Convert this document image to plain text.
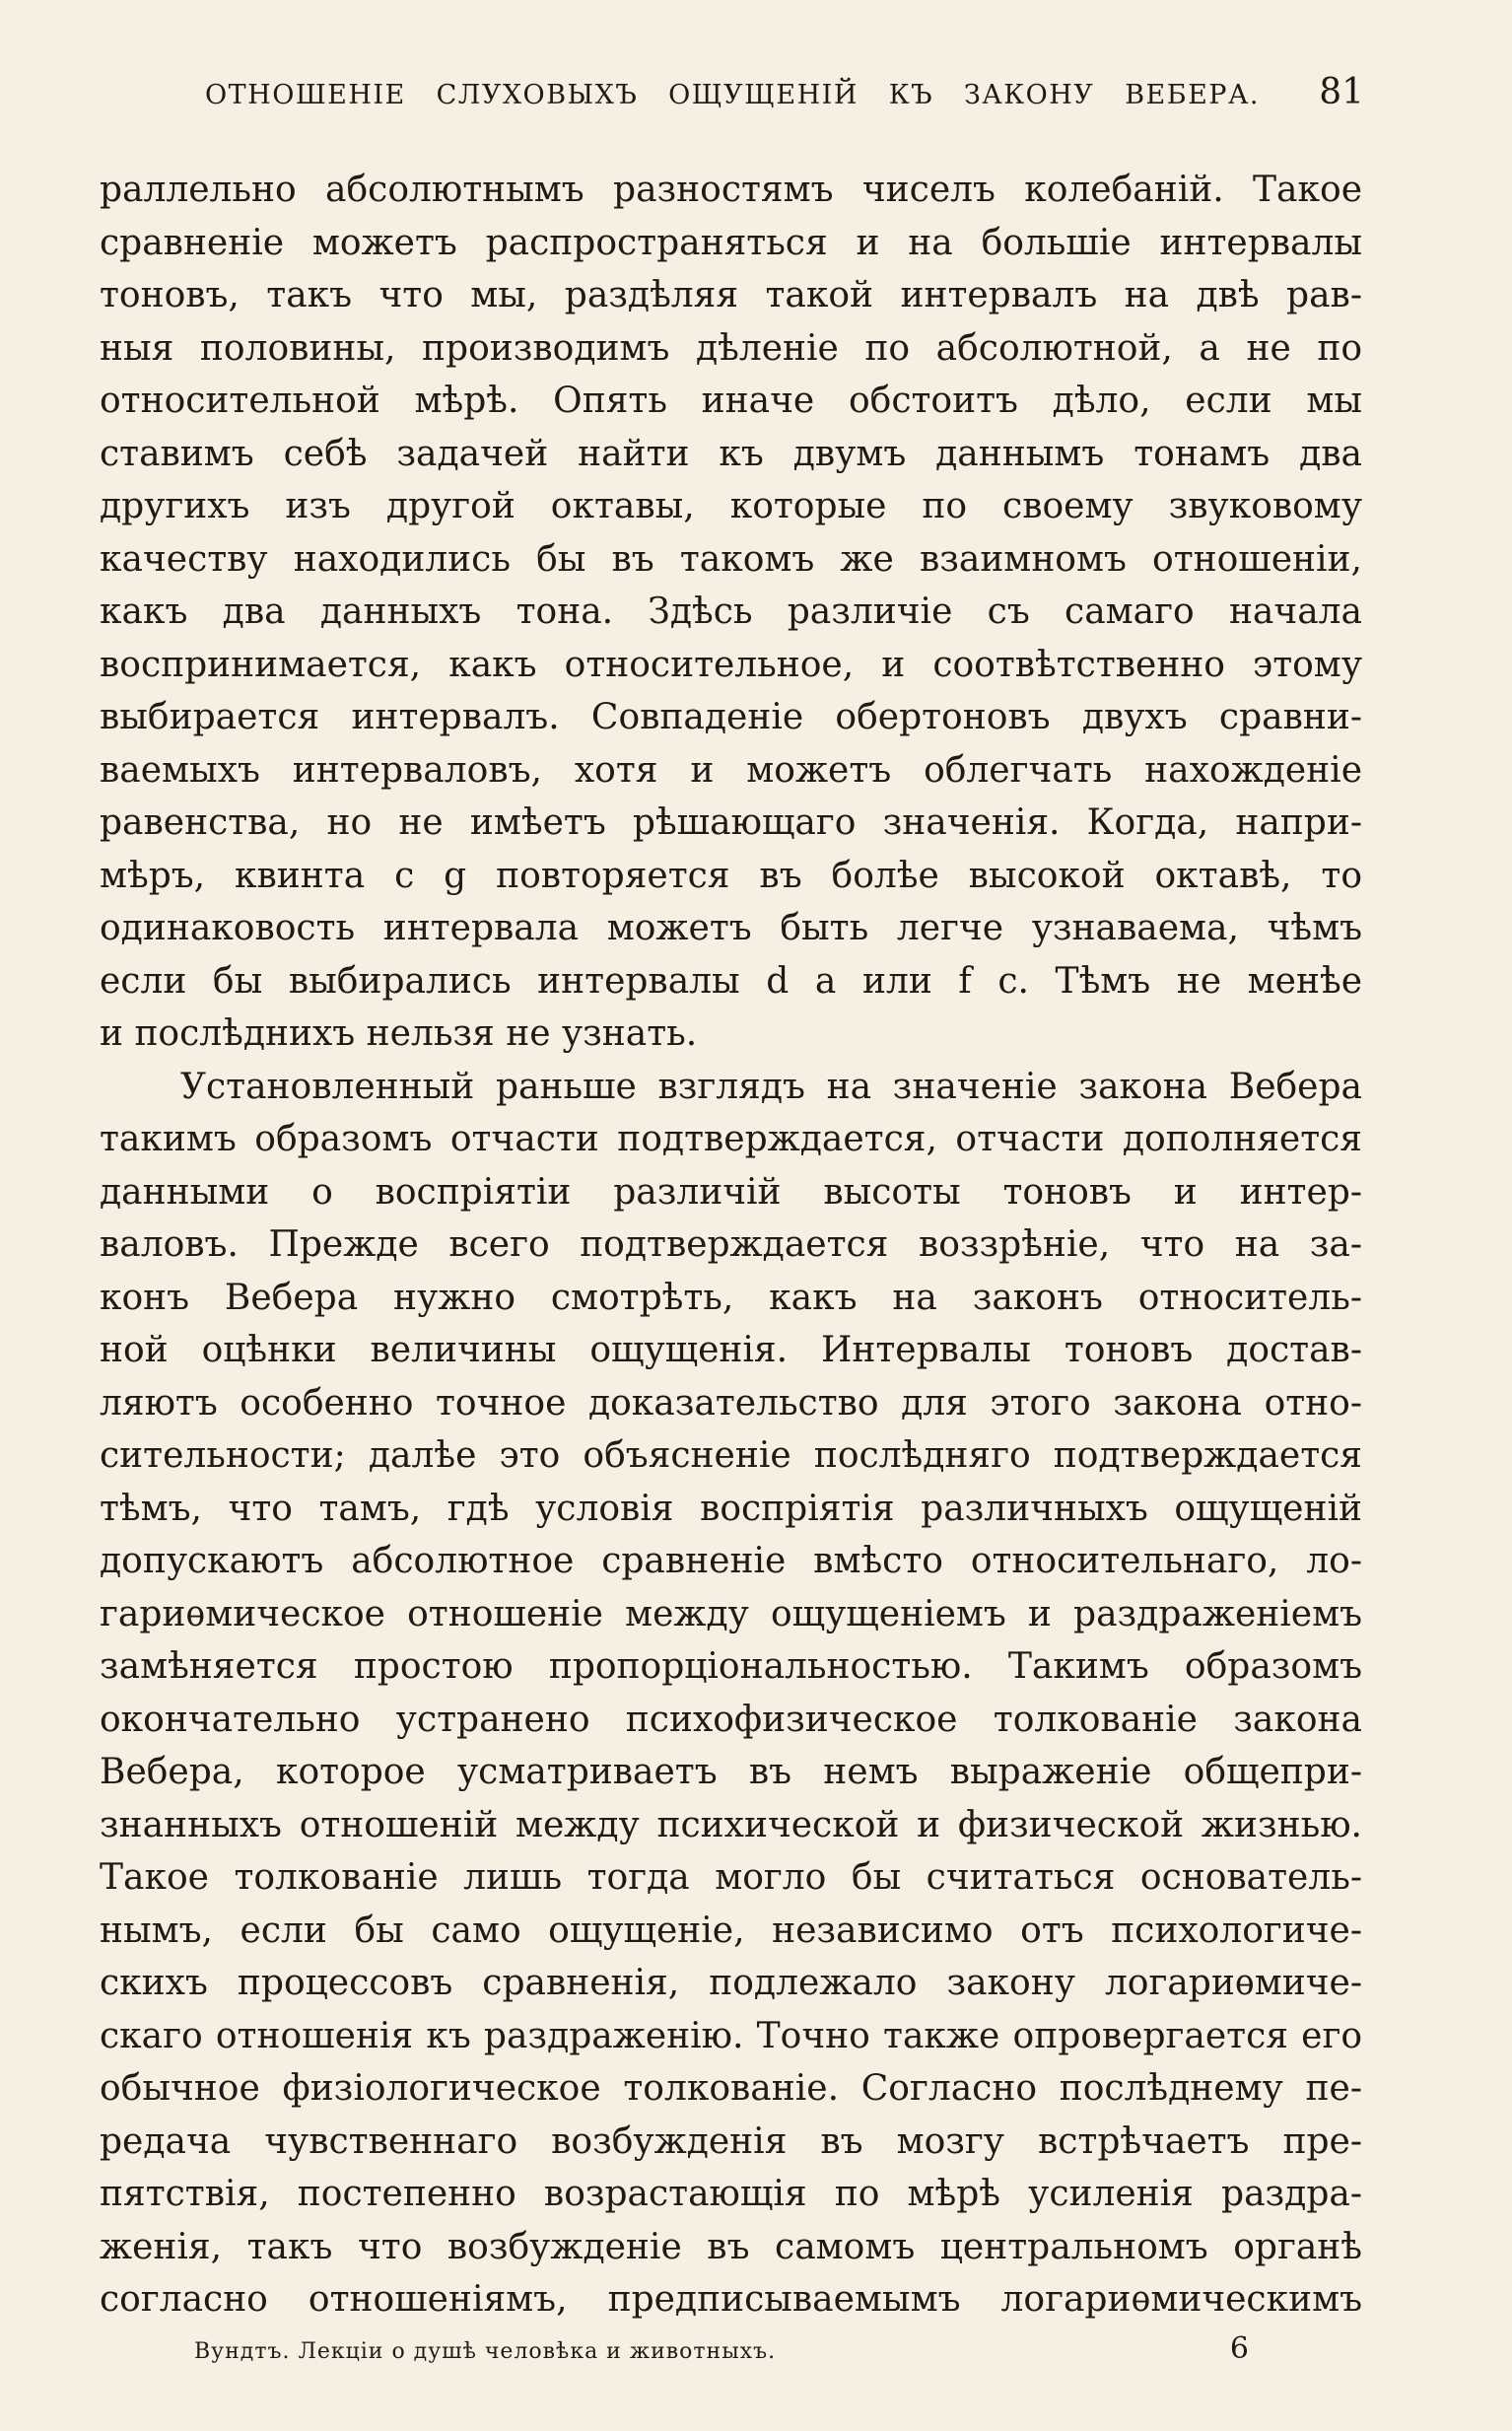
ОТНОШЕНІЕ СЛУХОВЫХЪ ОЩУЩЕНІЙ КЪ ЗАКОНУ ВЕБЕРА. 81
раллельно абсолютнымъ разностямъ чиселъ колебаній. Такое
сравненіе можетъ распространяться и на большіе интервалы
тоновъ, такъ что мы, раздѣляя такой интервалъ на двѣ рав-
ныя половины, производимъ дѣленіе по абсолютной, а не по
относительной мѣрѣ. Опять иначе обстоитъ дѣло, если мы
ставимъ себѣ задачей найти къ двумъ даннымъ тонамъ два
другихъ изъ другой октавы, которые по своему звуковому
качеству находились бы въ такомъ же взаимномъ отношеніи,
какъ два данныхъ тона. Здѣсь различіе съ самаго начала
воспринимается, какъ относительное, и соотвѣтственно этому
выбирается интервалъ. Совпаденіе обертоновъ двухъ сравни-
ваемыхъ интерваловъ, хотя и можетъ облегчать нахожденіе
равенства, но не имѣетъ рѣшающаго значенія. Когда, напри-
мѣръ, квинта c g повторяется въ болѣе высокой октавѣ, то
одинаковость интервала можетъ быть легче узнаваема, чѣмъ
если бы выбирались интервалы d a или f c. Тѣмъ не менѣе
и послѣднихъ нельзя не узнать.
Установленный раньше взглядъ на значеніе закона Вебера
такимъ образомъ отчасти подтверждается, отчасти дополняется
данными о воспріятіи различій высоты тоновъ и интер-
валовъ. Прежде всего подтверждается воззрѣніе, что на за-
конъ Вебера нужно смотрѣть, какъ на законъ относитель-
ной оцѣнки величины ощущенія. Интервалы тоновъ достав-
ляютъ особенно точное доказательство для этого закона отно-
сительности; далѣе это объясненіе послѣдняго подтверждается
тѣмъ, что тамъ, гдѣ условія воспріятія различныхъ ощущеній
допускаютъ абсолютное сравненіе вмѣсто относительнаго, ло-
гариѳмическое отношеніе между ощущеніемъ и раздраженіемъ
замѣняется простою пропорціональностью. Такимъ образомъ
окончательно устранено психофизическое толкованіе закона
Вебера, которое усматриваетъ въ немъ выраженіе общепри-
знанныхъ отношеній между психической и физической жизнью.
Такое толкованіе лишь тогда могло бы считаться основатель-
нымъ, если бы само ощущеніе, независимо отъ психологиче-
скихъ процессовъ сравненія, подлежало закону логариѳмиче-
скаго отношенія къ раздраженію. Точно также опровергается его
обычное физіологическое толкованіе. Согласно послѣднему пе-
редача чувственнаго возбужденія въ мозгу встрѣчаетъ пре-
пятствія, постепенно возрастающія по мѣрѣ усиленія раздра-
женія, такъ что возбужденіе въ самомъ центральномъ органѣ
согласно отношеніямъ, предписываемымъ логариѳмическимъ
Вундтъ. Лекціи о душѣ человѣка и животныхъ.	6
